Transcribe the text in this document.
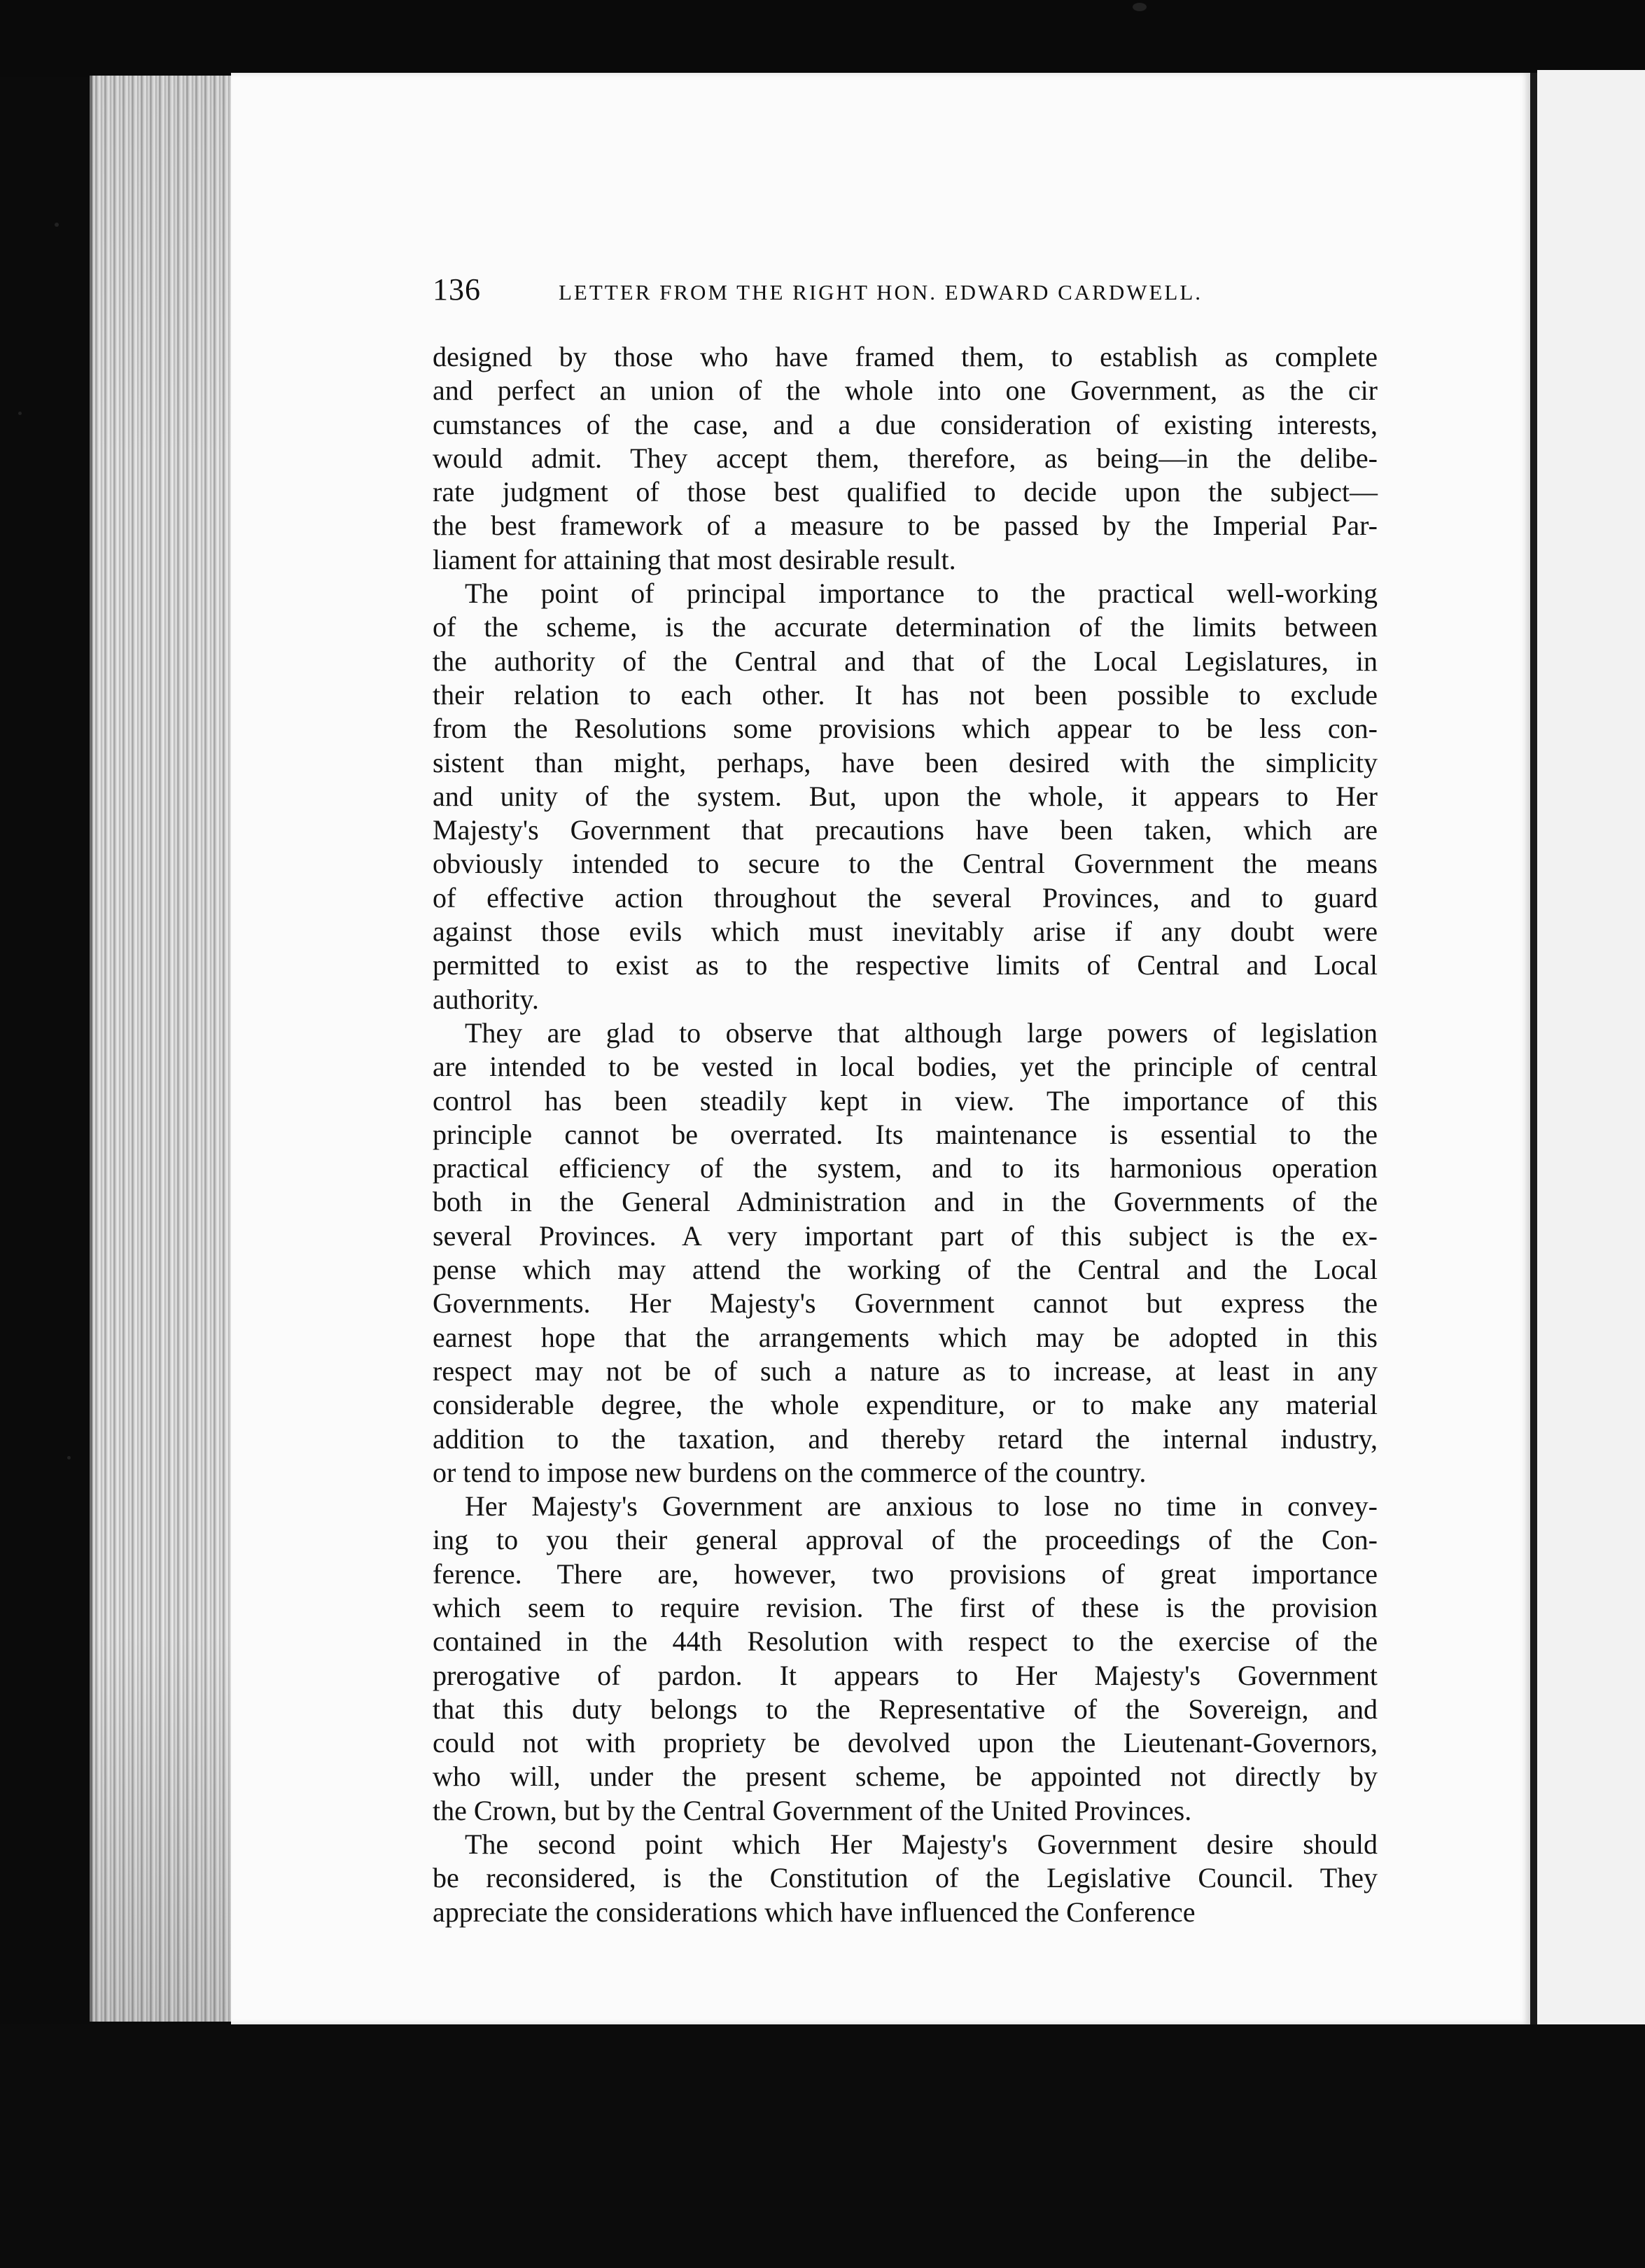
136	LETTER FROM THE RIGHT HON. EDWARD CARDWELL.
designed by those who have framed them, to establish as complete
and perfect an union of the whole into one Government, as the cir
cumstances of the case, and a due consideration of existing interests,
would admit. They accept them, therefore, as being—in the delibe-
rate judgment of those best qualified to decide upon the subject—
the best framework of a measure to be passed by the Imperial Par-
liament for attaining that most desirable result.
The point of principal importance to the practical well-working
of the scheme, is the accurate determination of the limits between
the authority of the Central and that of the Local Legislatures, in
their relation to each other. It has not been possible to exclude
from the Resolutions some provisions which appear to be less con-
sistent than might, perhaps, have been desired with the simplicity
and unity of the system. But, upon the whole, it appears to Her
Majesty's Government that precautions have been taken, which are
obviously intended to secure to the Central Government the means
of effective action throughout the several Provinces, and to guard
against those evils which must inevitably arise if any doubt were
permitted to exist as to the respective limits of Central and Local
authority.
They are glad to observe that although large powers of legislation
are intended to be vested in local bodies, yet the principle of central
control has been steadily kept in view. The importance of this
principle cannot be overrated. Its maintenance is essential to the
practical efficiency of the system, and to its harmonious operation
both in the General Administration and in the Governments of the
several Provinces. A very important part of this subject is the ex-
pense which may attend the working of the Central and the Local
Governments. Her Majesty's Government cannot but express the
earnest hope that the arrangements which may be adopted in this
respect may not be of such a nature as to increase, at least in any
considerable degree, the whole expenditure, or to make any material
addition to the taxation, and thereby retard the internal industry,
or tend to impose new burdens on the commerce of the country.
Her Majesty's Government are anxious to lose no time in convey-
ing to you their general approval of the proceedings of the Con-
ference. There are, however, two provisions of great importance
which seem to require revision. The first of these is the provision
contained in the 44th Resolution with respect to the exercise of the
prerogative of pardon. It appears to Her Majesty's Government
that this duty belongs to the Representative of the Sovereign, and
could not with propriety be devolved upon the Lieutenant-Governors,
who will, under the present scheme, be appointed not directly by
the Crown, but by the Central Government of the United Provinces.
The second point which Her Majesty's Government desire should
be reconsidered, is the Constitution of the Legislative Council. They
appreciate the considerations which have influenced the Conference
